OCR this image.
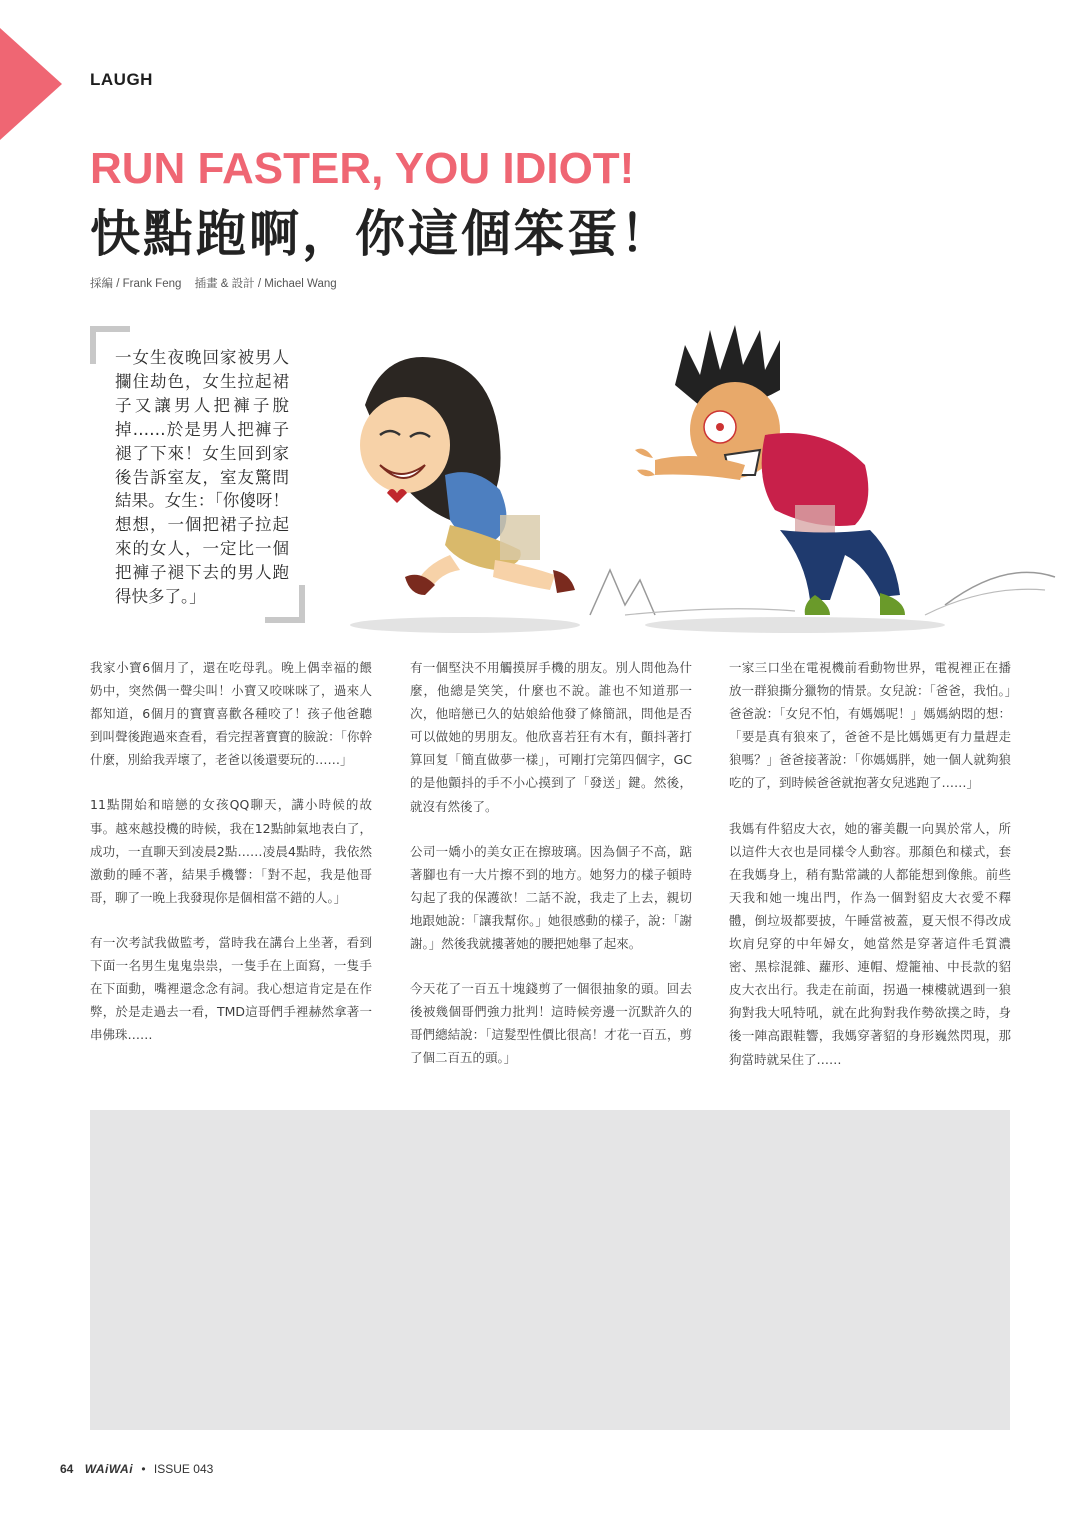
LAUGH
RUN FASTER, YOU IDIOT!
快點跑啊，你這個笨蛋！
採編 / Frank Feng 插畫 & 設計 / Michael Wang
一女生夜晚回家被男人攔住劫色，女生拉起裙子又讓男人把褲子脫掉……於是男人把褲子褪了下來！女生回到家後告訴室友，室友驚問結果。女生：「你傻呀！想想，一個把裙子拉起來的女人，一定比一個把褲子褪下去的男人跑得快多了。」

我家小寶6個月了，還在吃母乳。晚上偶幸福的餵奶中，突然偶一聲尖叫！小寶又咬咪咪了，過來人都知道，6個月的寶寶喜歡各種咬了！孩子他爸聽到叫聲後跑過來查看，看完捏著寶寶的臉說：「你幹什麼，別給我弄壞了，老爸以後還要玩的……」

11點開始和暗戀的女孩QQ聊天，講小時候的故事。越來越投機的時候，我在12點帥氣地表白了，成功，一直聊天到凌晨2點……凌晨4點時，我依然激動的睡不著，結果手機響：「對不起，我是他哥哥，聊了一晚上我發現你是個相當不錯的人。」

有一次考試我做監考，當時我在講台上坐著，看到下面一名男生鬼鬼祟祟，一隻手在上面寫，一隻手在下面動，嘴裡還念念有詞。我心想這肯定是在作弊，於是走過去一看，TMD這哥們手裡赫然拿著一串佛珠……

有一個堅決不用觸摸屏手機的朋友。別人問他為什麼，他總是笑笑，什麼也不說。誰也不知道那一次，他暗戀已久的姑娘給他發了條簡訊，問他是否可以做她的男朋友。他欣喜若狂有木有，顫抖著打算回复「簡直做夢一樣」，可剛打完第四個字，GC的是他顫抖的手不小心摸到了「發送」鍵。然後，就沒有然後了。

公司一嬌小的美女正在擦玻璃。因為個子不高，踮著腳也有一大片擦不到的地方。她努力的樣子頓時勾起了我的保護欲！二話不說，我走了上去，親切地跟她說：「讓我幫你。」她很感動的樣子，說：「謝謝。」然後我就摟著她的腰把她舉了起來。

今天花了一百五十塊錢剪了一個很抽象的頭。回去後被幾個哥們強力批判！這時候旁邊一沉默許久的哥們總結說：「這髮型性價比很高！才花一百五，剪了個二百五的頭。」

一家三口坐在電視機前看動物世界，電視裡正在播放一群狼撕分獵物的情景。女兒說：「爸爸，我怕。」爸爸說：「女兒不怕，有媽媽呢！」媽媽納悶的想：「要是真有狼來了，爸爸不是比媽媽更有力量趕走狼嗎？」爸爸接著說：「你媽媽胖，她一個人就夠狼吃的了，到時候爸爸就抱著女兒逃跑了……」

我媽有件貂皮大衣，她的審美觀一向異於常人，所以這件大衣也是同樣令人動容。那顏色和樣式，套在我媽身上，稍有點常識的人都能想到像熊。前些天我和她一塊出門，作為一個對貂皮大衣愛不釋體，倒垃圾都要披，午睡當被蓋，夏天恨不得改成坎肩兒穿的中年婦女，她當然是穿著這件毛質濃密、黑棕混雜、蘿形、連帽、燈籠袖、中長款的貂皮大衣出行。我走在前面，拐過一棟樓就遇到一狼狗對我大吼特吼，就在此狗對我作勢欲撲之時，身後一陣高跟鞋響，我媽穿著貂的身形巍然閃現，那狗當時就呆住了……

64 WAiWAi • ISSUE 043
